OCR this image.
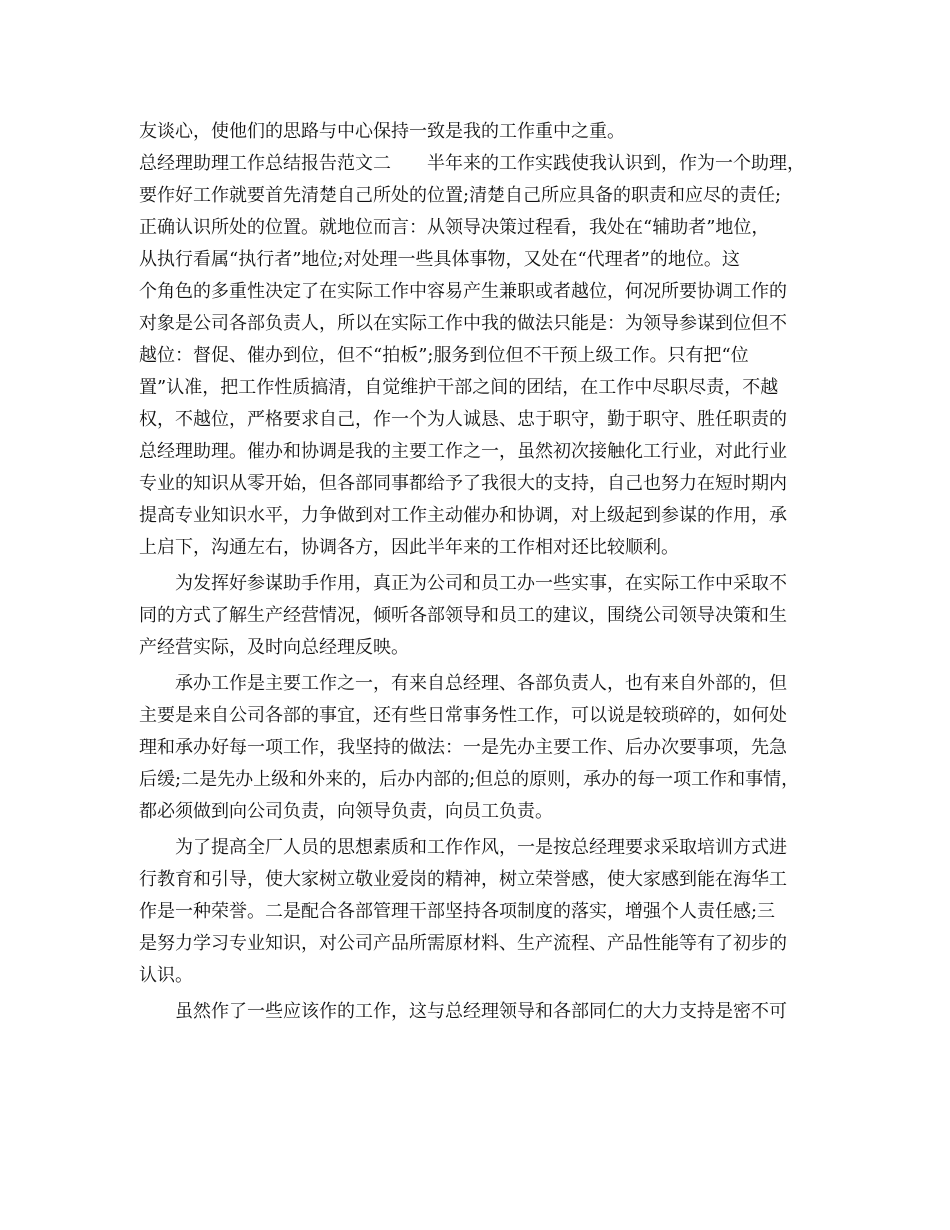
友谈心，使他们的思路与中心保持一致是我的工作重中之重。
总经理助理工作总结报告范文二　　半年来的工作实践使我认识到，作为一个助理，
要作好工作就要首先清楚自己所处的位置;清楚自己所应具备的职责和应尽的责任;
正确认识所处的位置。就地位而言：从领导决策过程看，我处在“辅助者”地位，
从执行看属“执行者”地位;对处理一些具体事物，又处在“代理者”的地位。这
个角色的多重性决定了在实际工作中容易产生兼职或者越位，何况所要协调工作的
对象是公司各部负责人，所以在实际工作中我的做法只能是：为领导参谋到位但不
越位：督促、催办到位，但不“拍板”;服务到位但不干预上级工作。只有把“位
置”认准，把工作性质搞清，自觉维护干部之间的团结，在工作中尽职尽责，不越
权，不越位，严格要求自己，作一个为人诚恳、忠于职守，勤于职守、胜任职责的
总经理助理。催办和协调是我的主要工作之一，虽然初次接触化工行业，对此行业
专业的知识从零开始，但各部同事都给予了我很大的支持，自己也努力在短时期内
提高专业知识水平，力争做到对工作主动催办和协调，对上级起到参谋的作用，承
上启下，沟通左右，协调各方，因此半年来的工作相对还比较顺利。
　　为发挥好参谋助手作用，真正为公司和员工办一些实事，在实际工作中采取不
同的方式了解生产经营情况，倾听各部领导和员工的建议，围绕公司领导决策和生
产经营实际，及时向总经理反映。
　　承办工作是主要工作之一，有来自总经理、各部负责人，也有来自外部的，但
主要是来自公司各部的事宜，还有些日常事务性工作，可以说是较琐碎的，如何处
理和承办好每一项工作，我坚持的做法：一是先办主要工作、后办次要事项，先急
后缓;二是先办上级和外来的，后办内部的;但总的原则，承办的每一项工作和事情，
都必须做到向公司负责，向领导负责，向员工负责。
　　为了提高全厂人员的思想素质和工作作风，一是按总经理要求采取培训方式进
行教育和引导，使大家树立敬业爱岗的精神，树立荣誉感，使大家感到能在海华工
作是一种荣誉。二是配合各部管理干部坚持各项制度的落实，增强个人责任感;三
是努力学习专业知识，对公司产品所需原材料、生产流程、产品性能等有了初步的
认识。
　　虽然作了一些应该作的工作，这与总经理领导和各部同仁的大力支持是密不可
